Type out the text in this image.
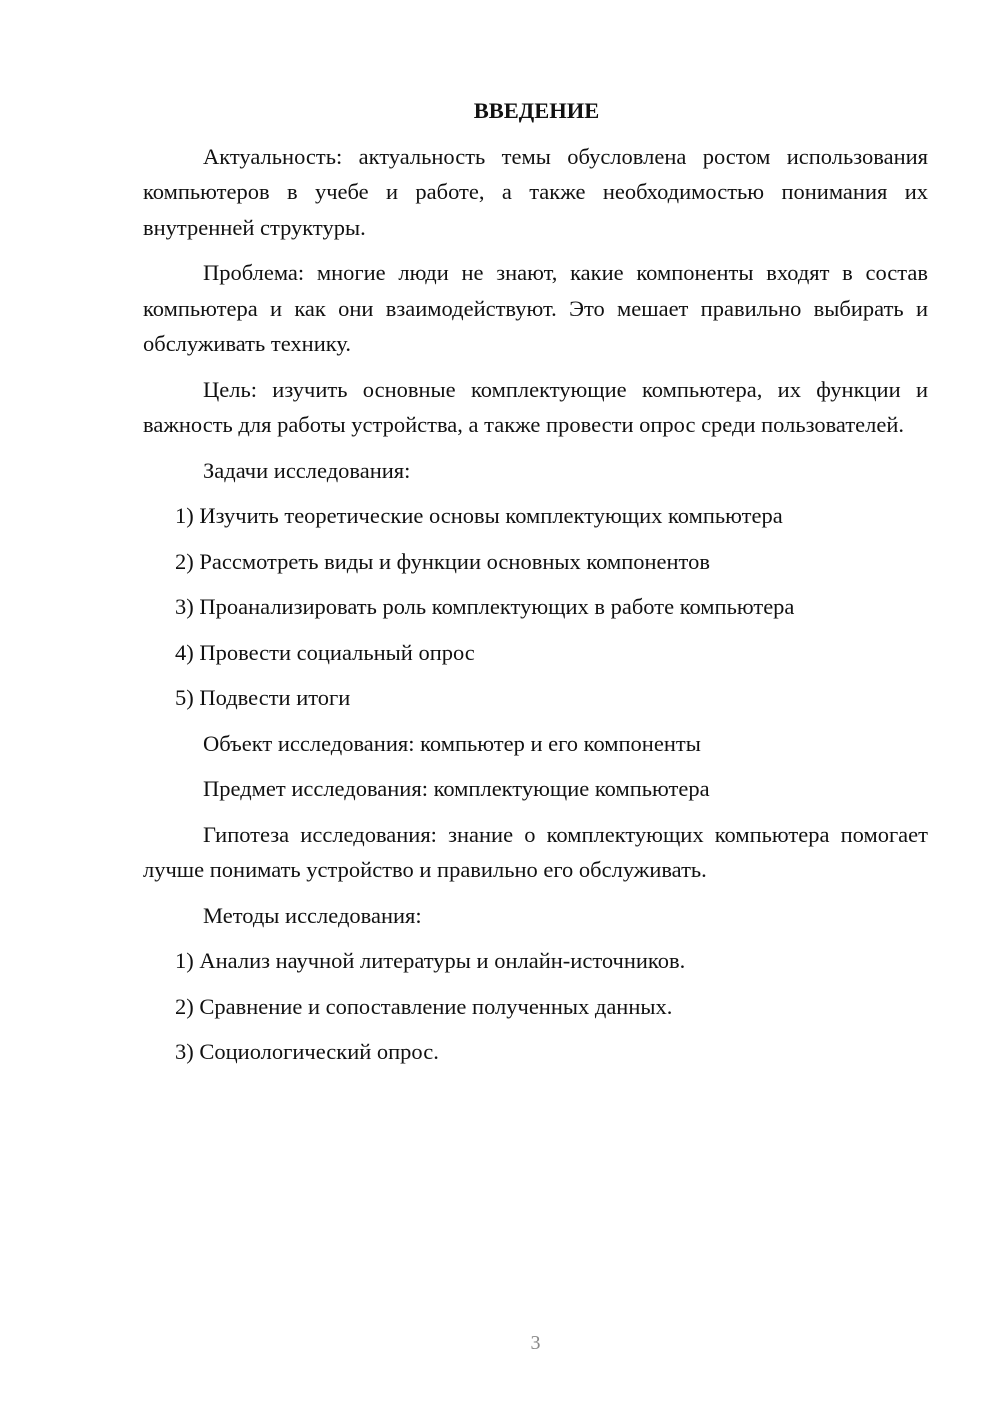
ВВЕДЕНИЕ

Актуальность: актуальность темы обусловлена ростом использования компьютеров в учебе и работе, а также необходимостью понимания их внутренней структуры.

Проблема: многие люди не знают, какие компоненты входят в состав компьютера и как они взаимодействуют. Это мешает правильно выбирать и обслуживать технику.

Цель: изучить основные комплектующие компьютера, их функции и важность для работы устройства, а также провести опрос среди пользователей.

Задачи исследования:

1) Изучить теоретические основы комплектующих компьютера
2) Рассмотреть виды и функции основных компонентов
3) Проанализировать роль комплектующих в работе компьютера
4) Провести социальный опрос
5) Подвести итоги

Объект исследования: компьютер и его компоненты

Предмет исследования: комплектующие компьютера

Гипотеза исследования: знание о комплектующих компьютера помогает лучше понимать устройство и правильно его обслуживать.

Методы исследования:

1) Анализ научной литературы и онлайн-источников.
2) Сравнение и сопоставление полученных данных.
3) Социологический опрос.
3
